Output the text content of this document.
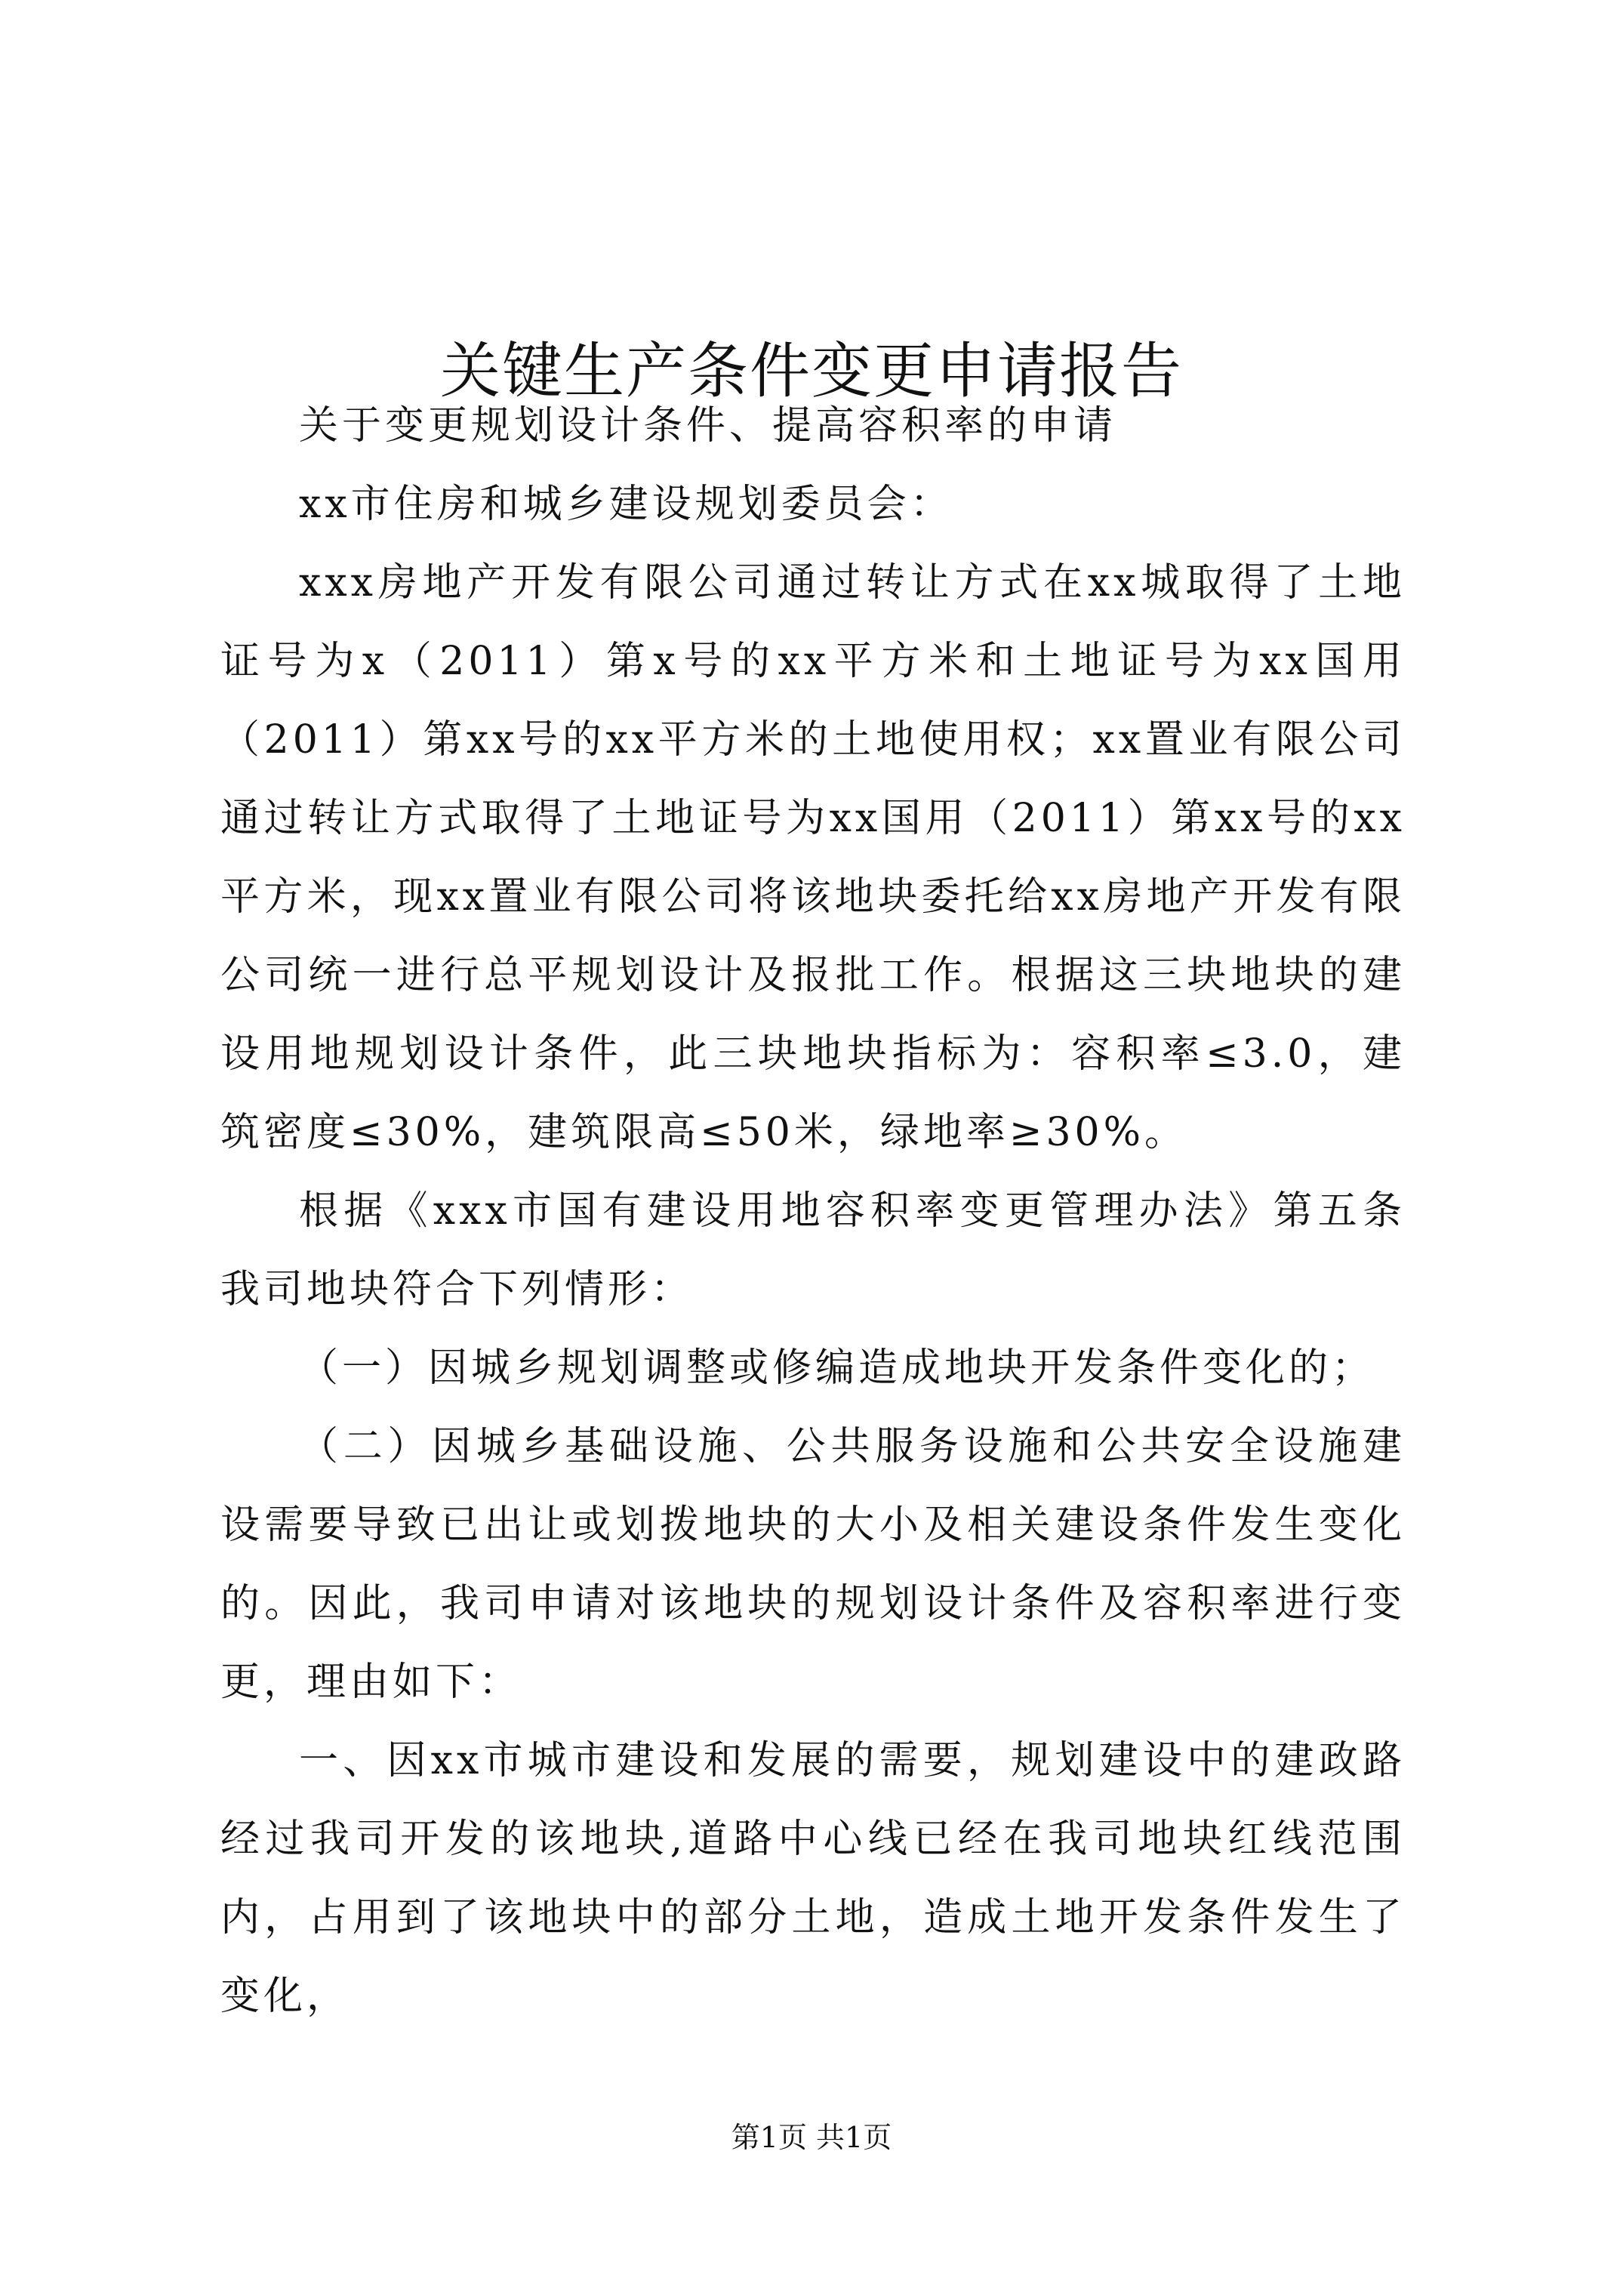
关键生产条件变更申请报告

关于变更规划设计条件、提高容积率的申请

xx市住房和城乡建设规划委员会：

xxx房地产开发有限公司通过转让方式在xx城取得了土地证号为x（2011）第x号的xx平方米和土地证号为xx国用（2011）第xx号的xx平方米的土地使用权；xx置业有限公司通过转让方式取得了土地证号为xx国用（2011）第xx号的xx平方米，现xx置业有限公司将该地块委托给xx房地产开发有限公司统一进行总平规划设计及报批工作。根据这三块地块的建设用地规划设计条件，此三块地块指标为：容积率≤3.0，建筑密度≤30%，建筑限高≤50米，绿地率≥30%。

根据《xxx市国有建设用地容积率变更管理办法》第五条我司地块符合下列情形：

（一）因城乡规划调整或修编造成地块开发条件变化的；

（二）因城乡基础设施、公共服务设施和公共安全设施建设需要导致已出让或划拨地块的大小及相关建设条件发生变化的。因此，我司申请对该地块的规划设计条件及容积率进行变更，理由如下：

一、因xx市城市建设和发展的需要，规划建设中的建政路经过我司开发的该地块,道路中心线已经在我司地块红线范围内，占用到了该地块中的部分土地，造成土地开发条件发生了变化，

第1页 共1页
